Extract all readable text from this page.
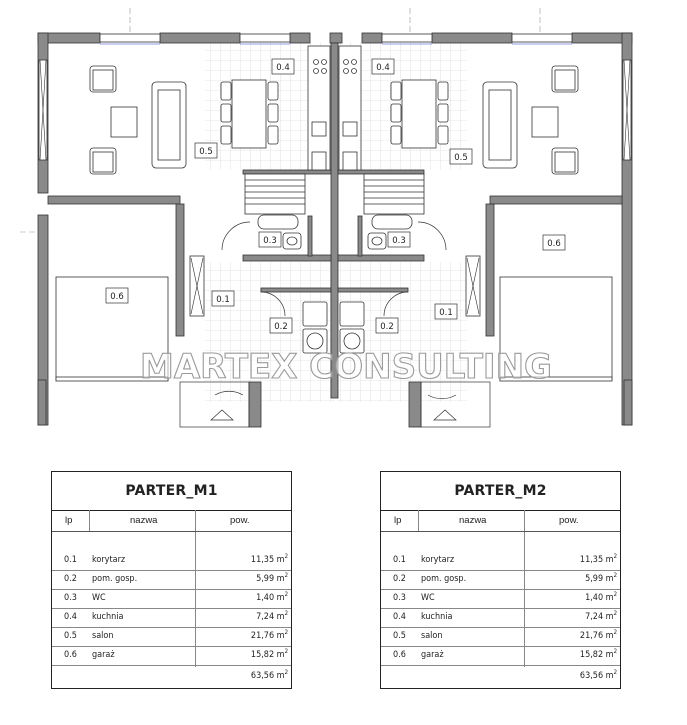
0.4	0.4
0.5
0.5
0.3	0.3	0.6
0.6	0.1
0.1
0.2	0.2
MARTEX CONSULTING
PARTER_M1
lp	nazwa	pow.
0.1 korytarz	11,35 $m^2$
0.2 pom. gosp.	5,99 $m^2$
0.3 WC	1,40 $m^2$
0.4 kuchnia	7,24 $m^2$
0.5 salon	21,76 $m^2$
0.6 garaż	15,82 $m^2$
63,56 $m^2$
PARTER_M2
lp	nazwa	pow.
0.1 korytarz	11,35 $m^2$
0.2 pom. gosp.	5,99 $m^2$
0.3 WC	1,40 $m^2$
0.4 kuchnia	7,24 $m^2$
0.5 salon	21,76 $m^2$
0.6 garaż	15,82 $m^2$
63,56 $m^2$
